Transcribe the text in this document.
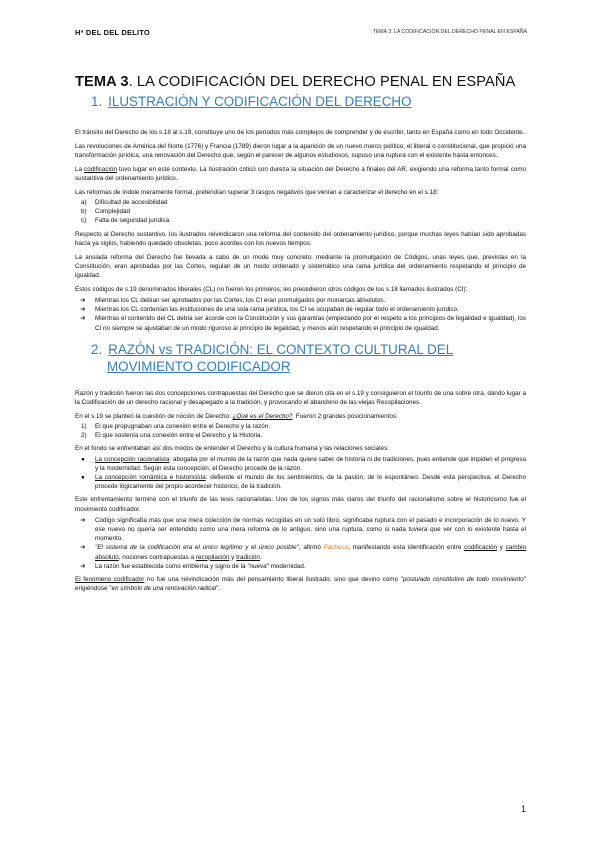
Hª DEL DEL DELITO	TEMA 3: LA CODIFICACIÓN DEL DERECHO PENAL EN ESPAÑA
TEMA 3. LA CODIFICACIÓN DEL DERECHO PENAL EN ESPAÑA
1. ILUSTRACIÓN Y CODIFICACIÓN DEL DERECHO

El tránsito del Derecho de los s.18 al s.19, constituye uno de los períodos más complejos de comprender y de escribir, tanto en España como en todo Occidente.

Las revoluciones de América del Norte (1776) y Francia (1789) dieron lugar a la aparición de un nuevo marco político, el liberal o constitucional, que propició una transformación jurídica, una renovación del Derecho que, según el parecer de algunos estudiosos, supuso una ruptura con el existente hasta entonces.

La codificación tuvo lugar en este contexto. La Ilustración criticó con dureza la situación del Derecho a finales del AR, exigiendo una reforma tanto formal como sustantiva del ordenamiento jurídico.

Las reformas de índole meramente formal, pretendían superar 3 rasgos negativos que venían a caracterizar el derecho en el s.18:

a) Dificultad de accesibilidad
b) Complejidad
c) Falta de seguridad jurídica

Respecto al Derecho sustantivo, los ilustrados reivindicaron una reforma del contenido del ordenamiento jurídico, porque muchas leyes habían sido aprobadas hacía ya siglos, habiendo quedado obsoletas, poco acordes con los nuevos tiempos.

La ansiada reforma del Derecho fue llevada a cabo de un modo muy concreto: mediante la promulgación de Códigos, unas leyes que, previstas en la Constitución, eran aprobadas por las Cortes, regulan de un modo ordenado y sistemático una rama jurídica del ordenamiento respetando el principio de igualdad.

Estos códigos de s.19 denominados liberales (CL) no fueron los primeros; les precedieron otros códigos de los s.18 llamados ilustrados (CI):

➔ Mientras los CL debían ser aprobados por las Cortes, los CI eran promulgados por monarcas absolutos.
➔ Mientras los CL contenían las instituciones de una sola rama jurídica, los CI se ocupaban de regular todo el ordenamiento jurídico.
➔ Mientras el contenido del CL debía ser acorde con la Constitución y sus garantías (empezando por el respeto a los principios de legalidad e igualdad), los CI no siempre se ajustaban de un modo riguroso al principio de legalidad, y menos aún respetando el principio de igualdad.
2. RAZÓN vs TRADICIÓN: EL CONTEXTO CULTURAL DEL
MOVIMIENTO CODIFICADOR

Razón y tradición fueron las dos concepciones contrapuestas del Derecho que se dieron cita en el s.19 y consiguieron el triunfo de una sobre otra, dando lugar a la Codificación de un derecho racional y desapegado a la tradición, y provocando el abandono de las viejas Recopilaciones.

En el s.19 se planteó la cuestión de noción de Derecho: ¿Qué es el Derecho?. Fueron 2 grandes posicionamientos:

1) El que propugnaban una conexión entre el Derecho y la razón.
2) El que sostenía una conexión entre el Derecho y la Historia.

En el fondo se enfrentaban así dos modos de entender el Derecho y la cultura humana y las relaciones sociales:

● La concepción racionalista: abogaba por el mundo de la razón que nada quiere saber de historia ni de tradiciones, pues entiende que impiden el progreso y la modernidad. Según esta concepción, el Derecho procede de la razón.
● La concepción romántica e historicista: defiende el mundo de los sentimientos, de la pasión, de lo espontáneo. Desde esta perspectiva, el Derecho procede lógicamente del propio acontecer histórico, de la tradición.

Este enfrentamiento terminó con el triunfo de las tesis racionalistas. Uno de los signos más claros del triunfo del racionalismo sobre el historicismo fue el movimiento codificador.

➔ Código significaba más que una mera colección de normas recogidas en un solo libro, significaba ruptura con el pasado e incorporación de lo nuevo. Y ese nuevo no quería ser entendido como una mera reforma de lo antiguo, sino una ruptura, como si nada tuviera que ver con lo existente hasta el momento.
➔ "El sistema de la codificación era el único legítimo y el único posible", afirmó Pacheco, manifestando esta identificación entre codificación y cambio absoluto, nociones contrapuestas a recopilación y tradición.
➔ La razón fue establecida como emblema y signo de la "nueva" modernidad.

El fenómeno codificador no fue una reivindicación más del pensamiento liberal ilustrado, sino que devino como "postulado constitutivo de todo movimiento" erigiéndose "en símbolo de una renovación radical".

1
